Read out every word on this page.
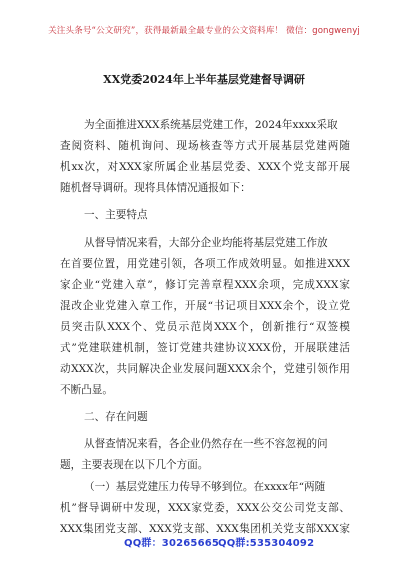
关注头条号“公文研究”，获得最新最全最专业的公文资料库！ 微信：gongwenyj
XX党委2024年上半年基层党建督导调研
为全面推进XXX系统基层党建工作，2024年xxxx采取
查阅资料、随机询问、现场核查等方式开展基层党建两随
机xx次，对XXX家所属企业基层党委、XXX个党支部开展
随机督导调研。现将具体情况通报如下：
一、主要特点
从督导情况来看，大部分企业均能将基层党建工作放
在首要位置，用党建引领，各项工作成效明显。如推进XXX
家企业“党建入章”，修订完善章程XXX余项，完成XXX家
混改企业党建入章工作，开展“书记项目XXX余个，设立党
员突击队XXX个、党员示范岗XXX个，创新推行“双签模
式”党建联建机制，签订党建共建协议XXX份，开展联建活
动XXX次，共同解决企业发展问题XXX余个，党建引领作用
不断凸显。
二、存在问题
从督查情况来看，各企业仍然存在一些不容忽视的问
题，主要表现在以下几个方面。
（一）基层党建压力传导不够到位。在xxxx年“两随
机”督导调研中发现，XXX家党委，XXX公交公司党支部、
XXX集团党支部、XXX党支部、XXX集团机关党支部XXX家
QQ群：30265665
QQ群:535304092
